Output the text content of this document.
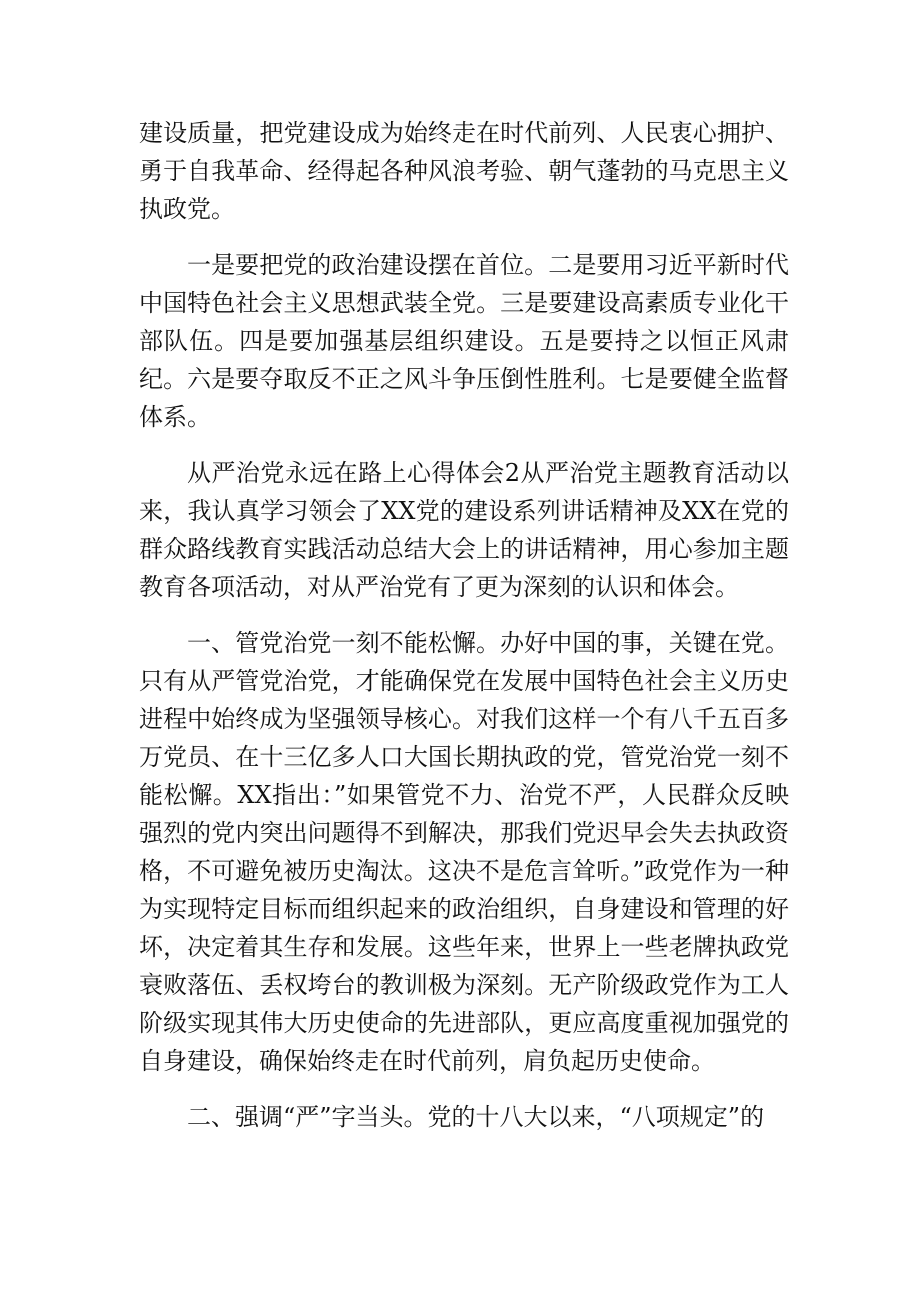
建设质量，把党建设成为始终走在时代前列、人民衷心拥护、勇于自我革命、经得起各种风浪考验、朝气蓬勃的马克思主义执政党。

一是要把党的政治建设摆在首位。二是要用习近平新时代中国特色社会主义思想武装全党。三是要建设高素质专业化干部队伍。四是要加强基层组织建设。五是要持之以恒正风肃纪。六是要夺取反不正之风斗争压倒性胜利。七是要健全监督体系。

从严治党永远在路上心得体会2从严治党主题教育活动以来，我认真学习领会了XX党的建设系列讲话精神及XX在党的群众路线教育实践活动总结大会上的讲话精神，用心参加主题教育各项活动，对从严治党有了更为深刻的认识和体会。

一、管党治党一刻不能松懈。办好中国的事，关键在党。只有从严管党治党，才能确保党在发展中国特色社会主义历史进程中始终成为坚强领导核心。对我们这样一个有八千五百多万党员、在十三亿多人口大国长期执政的党，管党治党一刻不能松懈。XX指出：”如果管党不力、治党不严，人民群众反映强烈的党内突出问题得不到解决，那我们党迟早会失去执政资格，不可避免被历史淘汰。这决不是危言耸听。”政党作为一种为实现特定目标而组织起来的政治组织，自身建设和管理的好坏，决定着其生存和发展。这些年来，世界上一些老牌执政党衰败落伍、丢权垮台的教训极为深刻。无产阶级政党作为工人阶级实现其伟大历史使命的先进部队，更应高度重视加强党的自身建设，确保始终走在时代前列，肩负起历史使命。

二、强调“严”字当头。党的十八大以来，“八项规定”的
